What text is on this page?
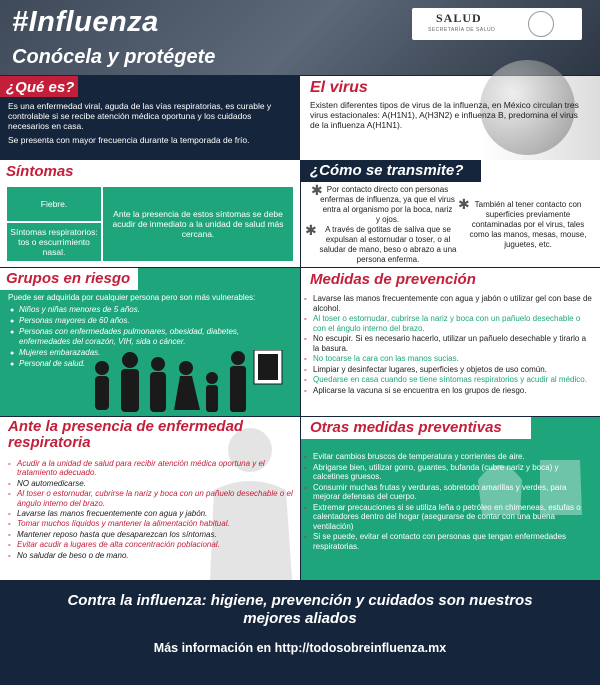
#Influenza
Conócela y protégete
SALUD
SECRETARÍA DE SALUD
¿Qué es?
Es una enfermedad viral, aguda de las vías respiratorias, es curable y controlable si se recibe atención médica oportuna y los cuidados necesarios en casa.
Se presenta con mayor frecuencia durante la temporada de frío.
El virus
Existen diferentes tipos de virus de la influenza, en México circulan tres virus estacionales: A(H1N1), A(H3N2) e influenza B, predomina el virus de la influenza A(H1N1).
Síntomas
Fiebre.
Síntomas respiratorios: tos o escurrimiento nasal.
Ante la presencia de estos síntomas se debe acudir de inmediato a la unidad de salud más cercana.
¿Cómo se transmite?
✱ Por contacto directo con personas enfermas de influenza, ya que el virus entra al organismo por la boca, nariz y ojos.
✱	A través de gotitas de saliva que se expulsan al estornudar o toser, o al saludar de mano, beso o abrazo a una persona enferma.
✱ También al tener contacto con superficies previamente contaminadas por el virus, tales como las manos, mesas, mouse, juguetes, etc.
Grupos en riesgo
Puede ser adquirida por cualquier persona pero son más vulnerables:
● Niños y niñas menores de 5 años.
● Personas mayores de 60 años.
● Personas con enfermedades pulmonares, obesidad, diabetes, enfermedades del corazón, VIH, sida o cáncer.
● Mujeres embarazadas.
● Personal de salud.
Medidas de prevención
- Lavarse las manos frecuentemente con agua y jabón o utilizar gel con base de alcohol.
- Al toser o estornudar, cubrirse la nariz y boca con un pañuelo desechable o con el ángulo interno del brazo.
- No escupir. Si es necesario hacerlo, utilizar un pañuelo desechable y tirarlo a la basura.
- No tocarse la cara con las manos sucias.
- Limpiar y desinfectar lugares, superficies y objetos de uso común.
- Quedarse en casa cuando se tiene síntomas respiratorios y acudir al médico.
- Aplicarse la vacuna si se encuentra en los grupos de riesgo.
Ante la presencia de enfermedad respiratoria
- Acudir a la unidad de salud para recibir atención médica oportuna y el tratamiento adecuado.
- NO automedicarse.
- Al toser o estornudar, cubrirse la nariz y boca con un pañuelo desechable o el ángulo interno del brazo.
- Lavarse las manos frecuentemente con agua y jabón.
- Tomar muchos líquidos y mantener la alimentación habitual.
- Mantener reposo hasta que desaparezcan los síntomas.
- Evitar acudir a lugares de alta concentración poblacional.
- No saludar de beso o de mano.
Otras medidas preventivas
- Evitar cambios bruscos de temperatura y corrientes de aire.
- Abrigarse bien, utilizar gorro, guantes, bufanda (cubre nariz y boca) y calcetines gruesos.
- Consumir muchas frutas y verduras, sobretodo amarillas y verdes, para mejorar defensas del cuerpo.
- Extremar precauciones si se utiliza leña o petróleo en chimeneas, estufas o calentadores dentro del hogar (asegurarse de contar con una buena ventilación)
- Si se puede, evitar el contacto con personas que tengan enfermedades respiratorias.
Contra la influenza: higiene, prevención y cuidados son nuestros mejores aliados
Más información en http://todosobreinfluenza.mx
